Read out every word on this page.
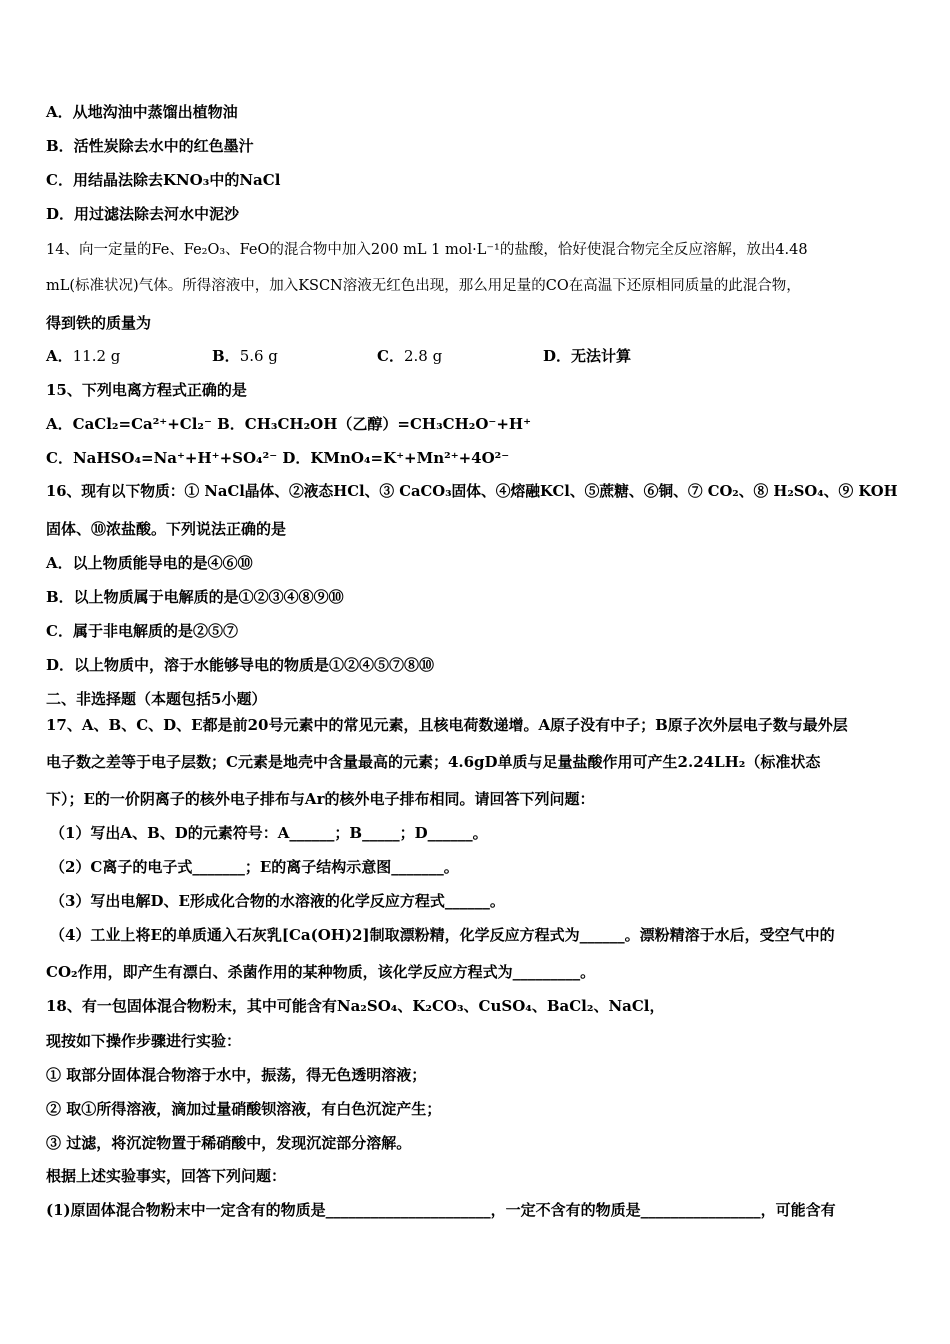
A．从地沟油中蒸馏出植物油
B．活性炭除去水中的红色墨汁
C．用结晶法除去KNO₃中的NaCl
D．用过滤法除去河水中泥沙
14、向一定量的Fe、Fe₂O₃、FeO的混合物中加入200 mL 1 mol·L⁻¹的盐酸，恰好使混合物完全反应溶解，放出4.48
mL(标准状况)气体。所得溶液中，加入KSCN溶液无红色出现，那么用足量的CO在高温下还原相同质量的此混合物，
得到铁的质量为
A．11.2 g	B．5.6 g	C．2.8 g	D．无法计算
15、下列电离方程式正确的是
A．CaCl₂=Ca²⁺+Cl₂⁻ B．CH₃CH₂OH（乙醇）=CH₃CH₂O⁻+H⁺
C．NaHSO₄=Na⁺+H⁺+SO₄²⁻ D．KMnO₄=K⁺+Mn²⁺+4O²⁻
16、现有以下物质：① NaCl晶体、②液态HCl、③ CaCO₃固体、④熔融KCl、⑤蔗糖、⑥铜、⑦ CO₂、⑧ H₂SO₄、⑨ KOH
固体、⑩浓盐酸。下列说法正确的是
A．以上物质能导电的是④⑥⑩
B．以上物质属于电解质的是①②③④⑧⑨⑩
C．属于非电解质的是②⑤⑦
D．以上物质中，溶于水能够导电的物质是①②④⑤⑦⑧⑩
二、非选择题（本题包括5小题）
17、A、B、C、D、E都是前20号元素中的常见元素，且核电荷数递增。A原子没有中子；B原子次外层电子数与最外层
电子数之差等于电子层数；C元素是地壳中含量最高的元素；4.6gD单质与足量盐酸作用可产生2.24LH₂（标准状态
下）；E的一价阴离子的核外电子排布与Ar的核外电子排布相同。请回答下列问题：
（1）写出A、B、D的元素符号：A______；B_____；D______。
（2）C离子的电子式_______；E的离子结构示意图_______。
（3）写出电解D、E形成化合物的水溶液的化学反应方程式______。
（4）工业上将E的单质通入石灰乳[Ca(OH)2]制取漂粉精，化学反应方程式为______。漂粉精溶于水后，受空气中的
CO₂作用，即产生有漂白、杀菌作用的某种物质，该化学反应方程式为_________。
18、有一包固体混合物粉末，其中可能含有Na₂SO₄、K₂CO₃、CuSO₄、BaCl₂、NaCl，
现按如下操作步骤进行实验：
① 取部分固体混合物溶于水中，振荡，得无色透明溶液；
② 取①所得溶液，滴加过量硝酸钡溶液，有白色沉淀产生；
③ 过滤，将沉淀物置于稀硝酸中，发现沉淀部分溶解。
根据上述实验事实，回答下列问题：
(1)原固体混合物粉末中一定含有的物质是______________________，一定不含有的物质是________________，可能含有
